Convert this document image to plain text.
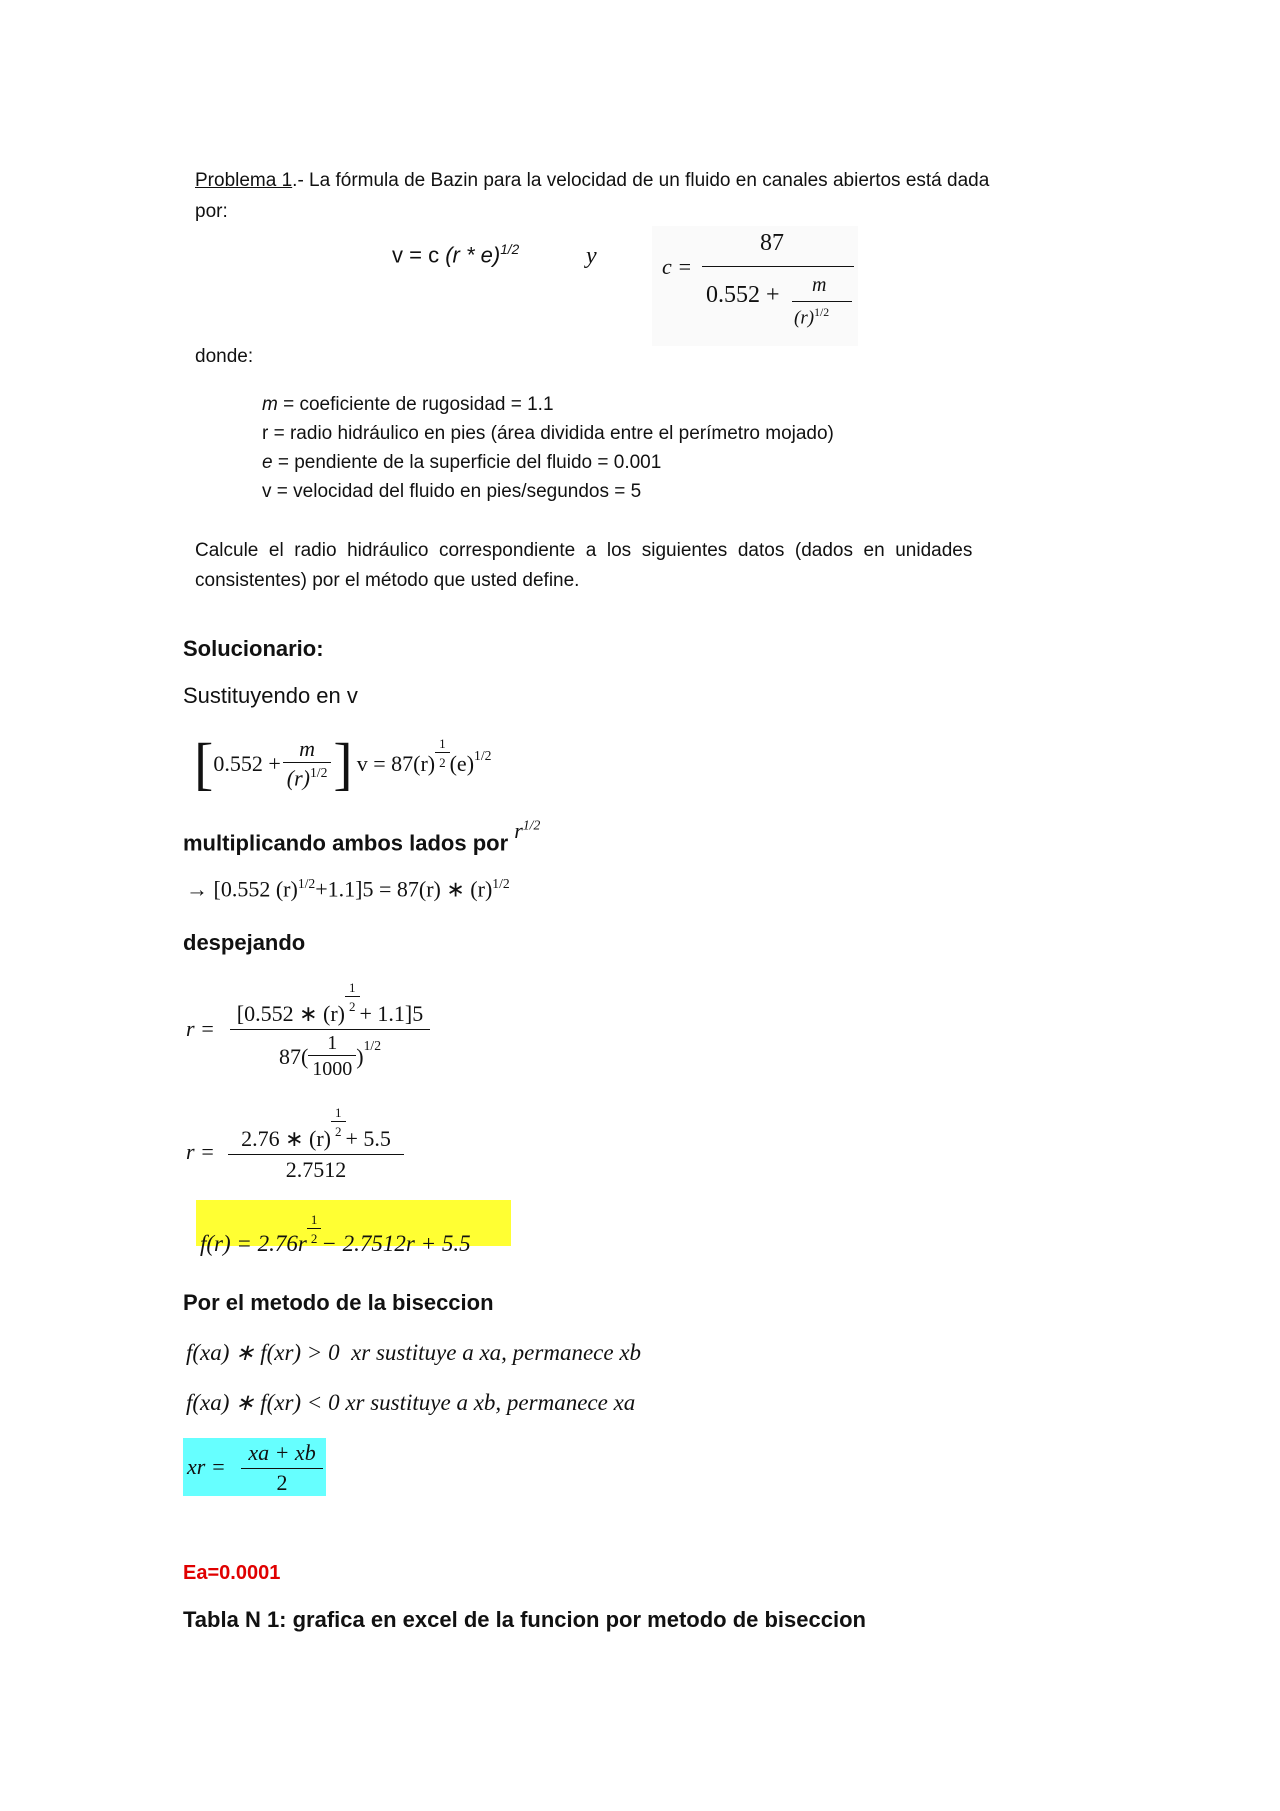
Problema 1.- La fórmula de Bazin para la velocidad de un fluido en canales abiertos está dada
por:
v = c (r * e)$^{1/2}$	y	c =
87
0.552 + m
$(r)^{1/2}$
donde:
m = coeficiente de rugosidad = 1.1
r = radio hidráulico en pies (área dividida entre el perímetro mojado)
e = pendiente de la superficie del fluido = 0.001
v = velocidad del fluido en pies/segundos = 5
Calcule  el  radio  hidráulico  correspondiente  a  los  siguientes  datos  (dados  en  unidades
consistentes) por el método que usted define.
Solucionario:
Sustituyendo en v
[ $0.552 + \frac{m}{(r)^{1/2}}$ ] $v = 87(r) \frac{1}{2} (e)^{1/2}$
multiplicando ambos lados por $r^{1/2}$
→ [0.552 $(r)^{1/2}+1.1]5 = 87(r)$ ∗ $(r)^{1/2}$
despejando
r =
[0.552 ∗ $(r) \frac{1}{2} + 1.1]5$
$87( \frac{1}{1000} )^{1/2}$
r =
2.76 ∗ $(r) \frac{1}{2} + 5.5$
2.7512
$f(r) = 2.76r \frac{1}{2} - 2.7512r + 5.5$
Por el metodo de la biseccion
f(xa) ∗ f(xr) > 0  xr sustituye a xa, permanece xb
f(xa) ∗ f(xr) < 0 xr sustituye a xb, permanece xa
xr =
xa + xb
2
Ea=0.0001
Tabla N 1: grafica en excel de la funcion por metodo de biseccion
